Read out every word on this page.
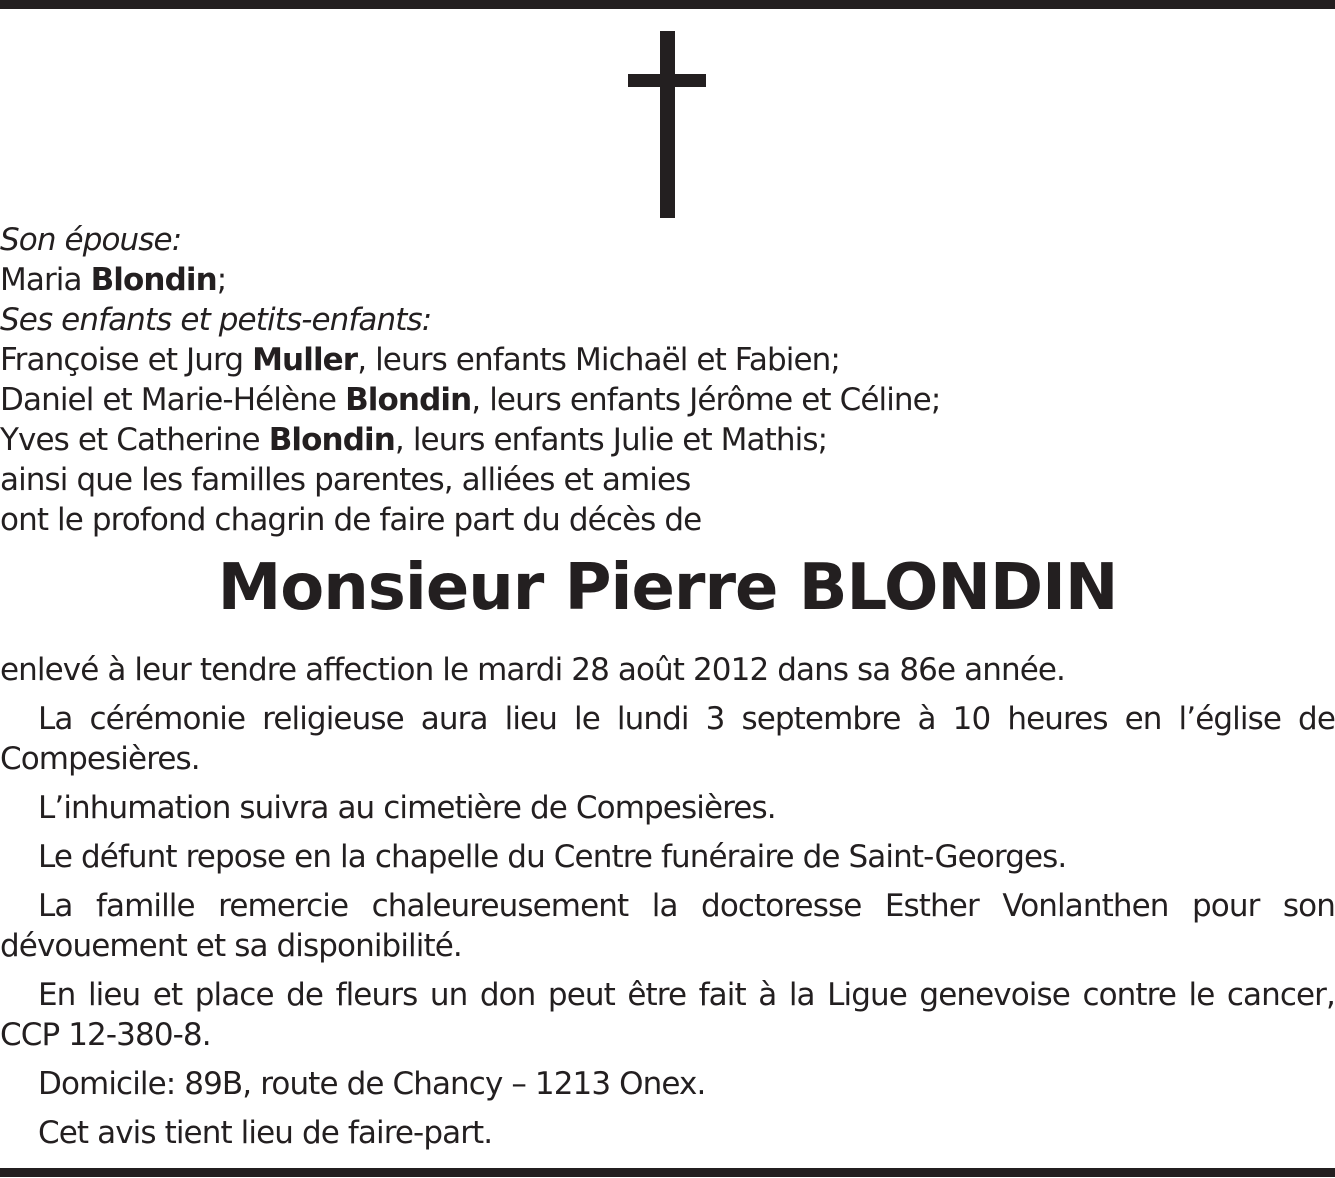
Son épouse:
Maria Blondin;
Ses enfants et petits-enfants:
Françoise et Jurg Muller, leurs enfants Michaël et Fabien;
Daniel et Marie-Hélène Blondin, leurs enfants Jérôme et Céline;
Yves et Catherine Blondin, leurs enfants Julie et Mathis;
ainsi que les familles parentes, alliées et amies
ont le profond chagrin de faire part du décès de
Monsieur Pierre BLONDIN

enlevé à leur tendre affection le mardi 28 août 2012 dans sa 86e année.

La cérémonie religieuse aura lieu le lundi 3 septembre à 10 heures en l’église de Compesières.

L’inhumation suivra au cimetière de Compesières.

Le défunt repose en la chapelle du Centre funéraire de Saint-Georges.

La famille remercie chaleureusement la doctoresse Esther Vonlanthen pour son dévouement et sa disponibilité.

En lieu et place de fleurs un don peut être fait à la Ligue genevoise contre le cancer, CCP 12-380-8.

Domicile: 89B, route de Chancy – 1213 Onex.

Cet avis tient lieu de faire-part.
